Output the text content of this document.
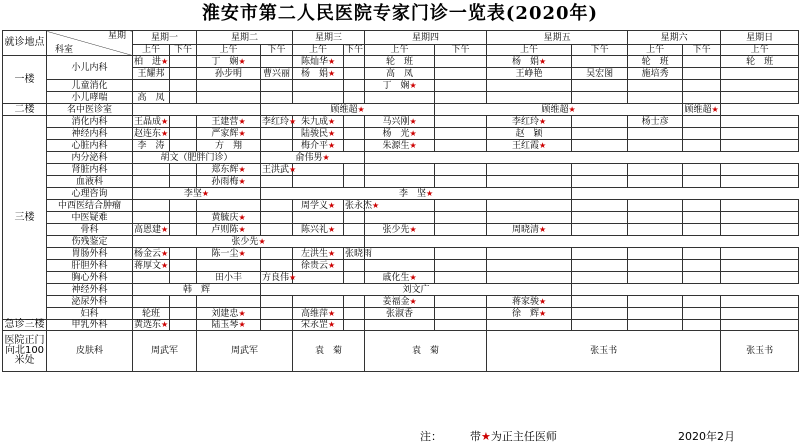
淮安市第二人民医院专家门诊一览表(2020年)
就诊地点	星期
科室	星期一		星期二		星期三		星期四		星期五		星期六		星期日
		上午	下午	上午	下午	上午	下午	上午	下午	上午	下午	上午	下午	上午
一楼	小儿内科	柏　进★		丁　娴★		陈灿华★		轮　班		杨　娟★		轮　班		轮　班
		王耀邦		孙步明	曹兴丽	杨　娟★		高　凤		王峥艳	吴宏图	施培秀		
	儿童消化							丁　娴★						
	小儿哮喘	高　凤												
二楼	名中医诊室				顾维超★				顾维超★				顾维超★	
三楼	消化内科	王晶成★		王建营★	李红玲★	朱九成★		马兴刚★		李红玲★		杨士彦		
	神经内科	赵连东★		严家辉★		陆骏民★		杨　光★		赵　颖				
	心脏内科	李　涛		方　翔		梅介平★		朱源生★		王红霞★				
	内分泌科	胡文（肥胖门诊）			俞伟男★									
	肾脏内科			郑东辉★	王洪武★									
	血液科			孙雨梅★										
	心理咨询	李坚★			李　坚★									
	中西医结合肿瘤					周学义★	张永杰★							
	中医疑难			黄毓庆★										
	骨科	高恩建★		卢则陈★		陈兴礼★		张少先★		周晓清★				
	伤残鉴定	张少先★												
	胃肠外科	杨金云★		陈一尘★		左洪生★	张晓雨							
	肝胆外科	蒋厚文★				徐贵云★								
	胸心外科			田小丰	方良伟★			戚化生★						
	神经外科	韩　辉			刘文广									
	泌尿外科							姜福金★		蒋家骏★				
	妇科	轮班		刘建忠★		高维萍★		张淑香		徐　辉★				
急诊三楼	甲乳外科	黄选东★		陆玉琴★		宋永罡★								
医院正门向北100米处	皮肤科	周武军		周武军		袁　菊		袁　菊		张玉书				张玉书
注：	带★为正主任医师	2020年2月
